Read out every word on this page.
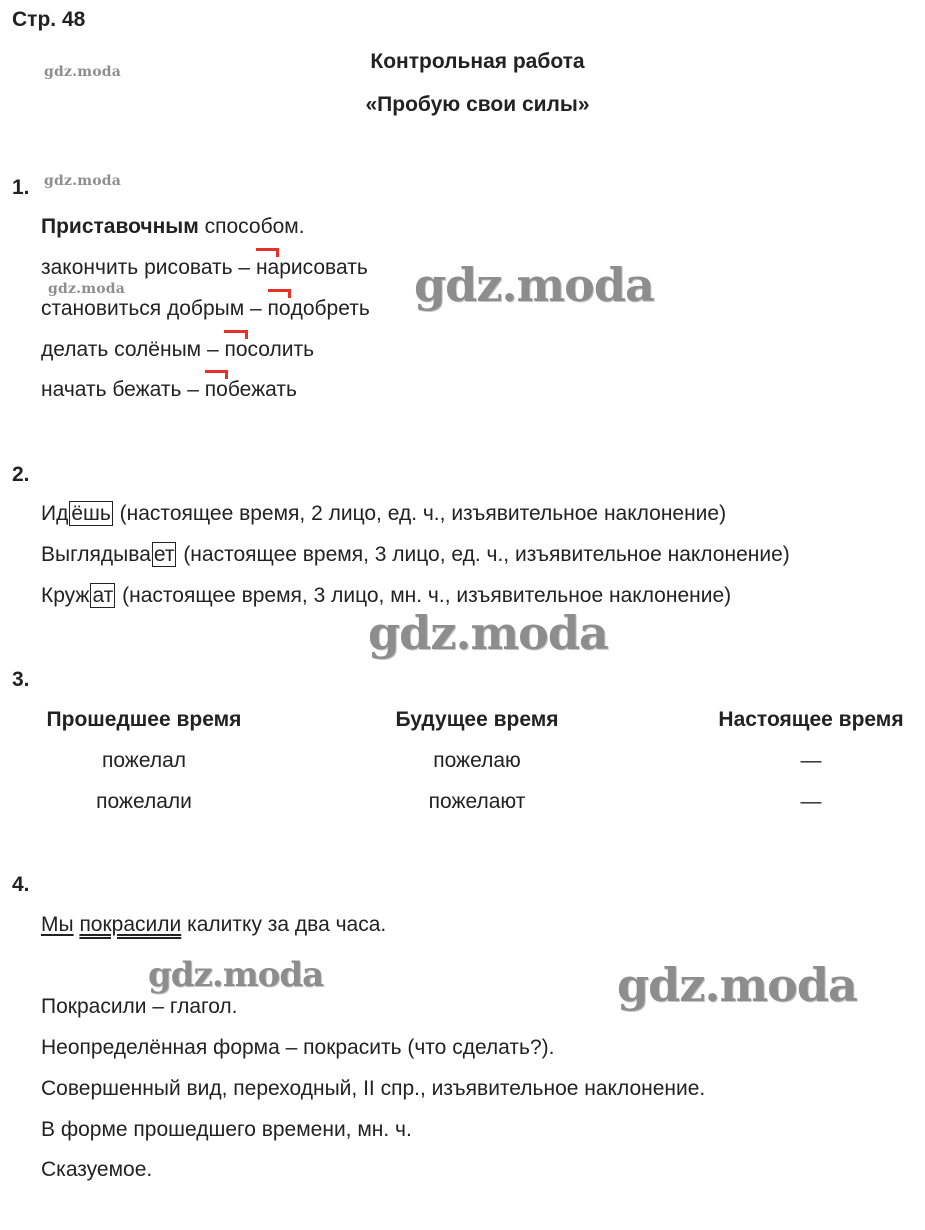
Стр. 48
Контрольная работа
«Пробую свои силы»
gdz.moda
gdz.moda
gdz.moda	gdz.moda
gdz.moda
gdz.moda	gdz.moda
1.
Приставочным способом.
закончить рисовать – нарисовать
становиться добрым – подобреть
делать солёным – посолить
начать бежать – побежать
2.
Ид ёшь (настоящее время, 2 лицо, ед. ч., изъявительное наклонение)
Выглядыва ет (настоящее время, 3 лицо, ед. ч., изъявительное наклонение)
Круж ат (настоящее время, 3 лицо, мн. ч., изъявительное наклонение)
3.
Прошедшее время	Будущее время	Настоящее время
пожелал	пожелаю	—
пожелали	пожелают	—
4.
Мы покрасили калитку за два часа.
Покрасили – глагол.
Неопределённая форма – покрасить (что сделать?).
Совершенный вид, переходный, II спр., изъявительное наклонение.
В форме прошедшего времени, мн. ч.
Сказуемое.
